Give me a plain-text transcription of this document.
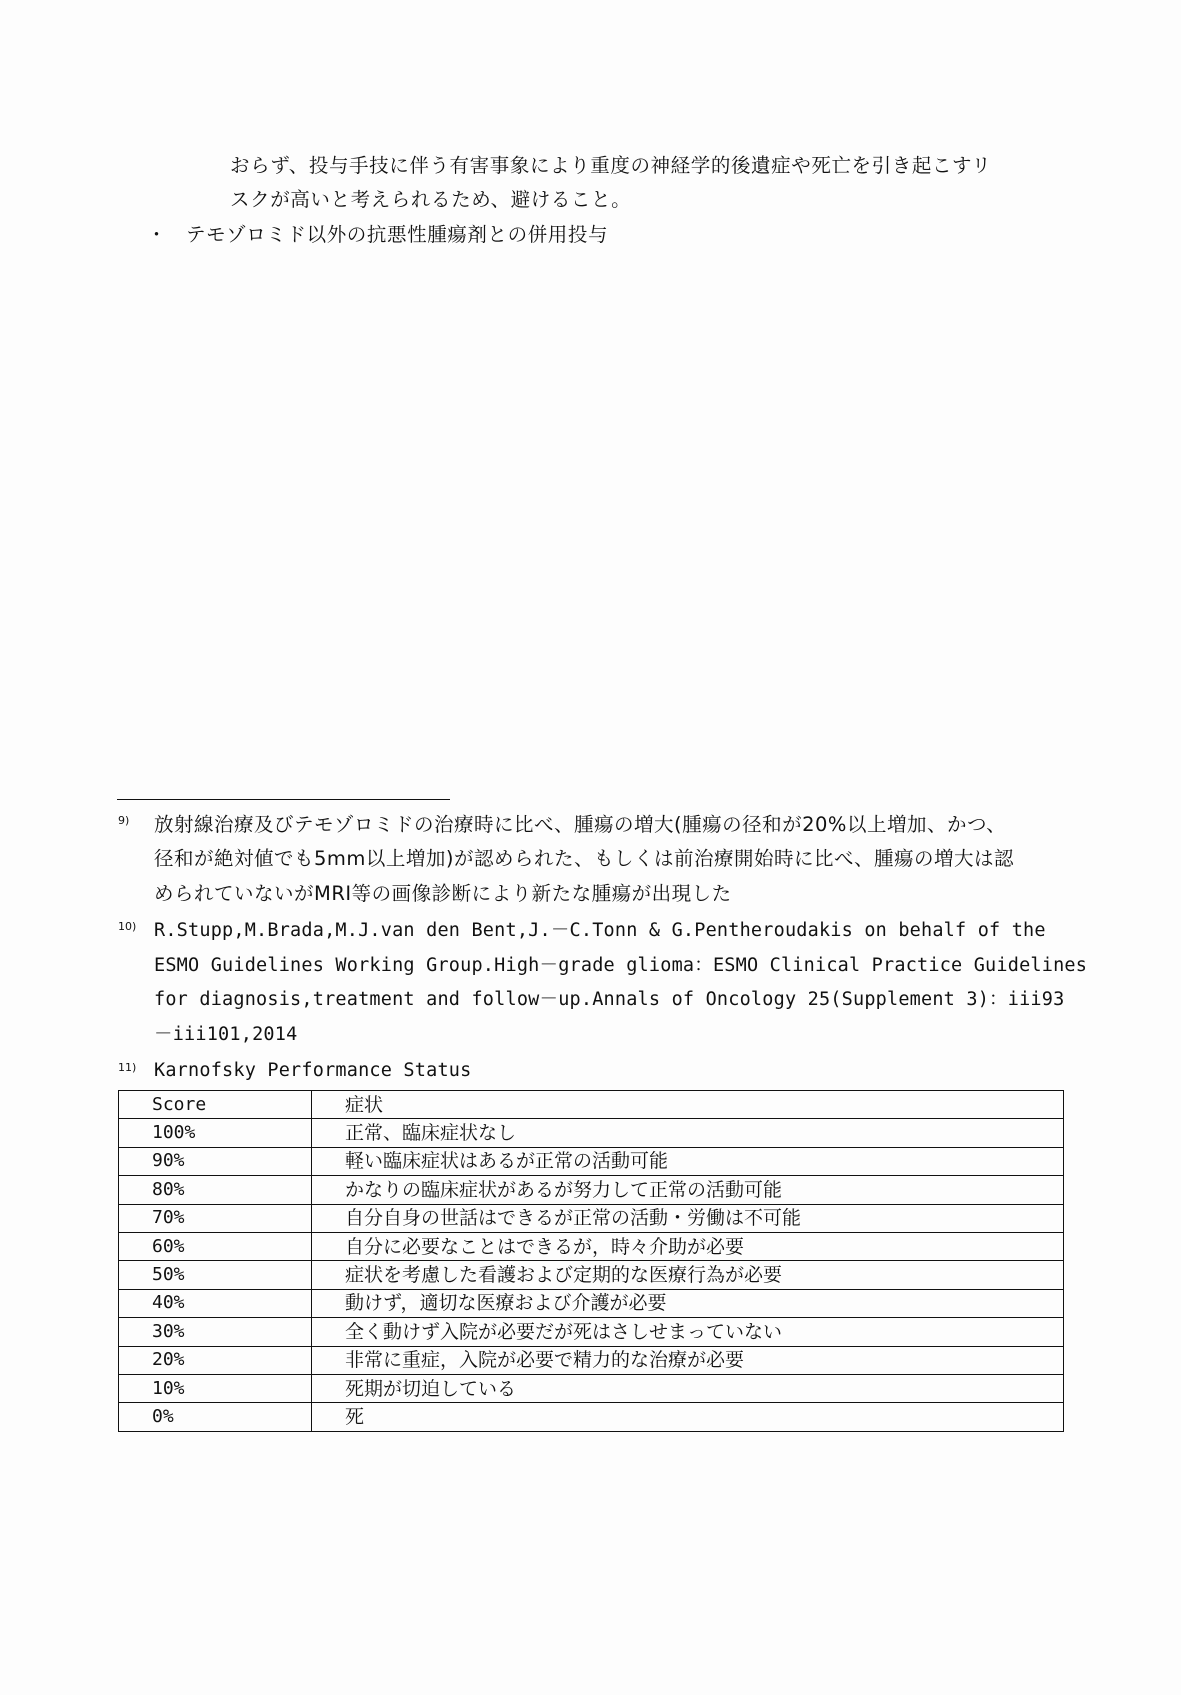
おらず、投与手技に伴う有害事象により重度の神経学的後遺症や死亡を引き起こすリ
スクが高いと考えられるため、避けること。
・ テモゾロミド以外の抗悪性腫瘍剤との併用投与
9) 放射線治療及びテモゾロミドの治療時に比べ、腫瘍の増大(腫瘍の径和が20%以上増加、かつ、
径和が絶対値でも5mm以上増加)が認められた、もしくは前治療開始時に比べ、腫瘍の増大は認
められていないがMRI等の画像診断により新たな腫瘍が出現した
10) R.Stupp,M.Brada,M.J.van den Bent,J.－C.Tonn & G.Pentheroudakis on behalf of the
ESMO Guidelines Working Group.High－grade glioma：ESMO Clinical Practice Guidelines
for diagnosis,treatment and follow－up.Annals of Oncology 25(Supplement 3)：iii93
－iii101,2014
11) Karnofsky Performance Status
Score	症状
100%	正常、臨床症状なし
90%	軽い臨床症状はあるが正常の活動可能
80%	かなりの臨床症状があるが努力して正常の活動可能
70%	自分自身の世話はできるが正常の活動・労働は不可能
60%	自分に必要なことはできるが，時々介助が必要
50%	症状を考慮した看護および定期的な医療行為が必要
40%	動けず，適切な医療および介護が必要
30%	全く動けず入院が必要だが死はさしせまっていない
20%	非常に重症，入院が必要で精力的な治療が必要
10%	死期が切迫している
0%	死
